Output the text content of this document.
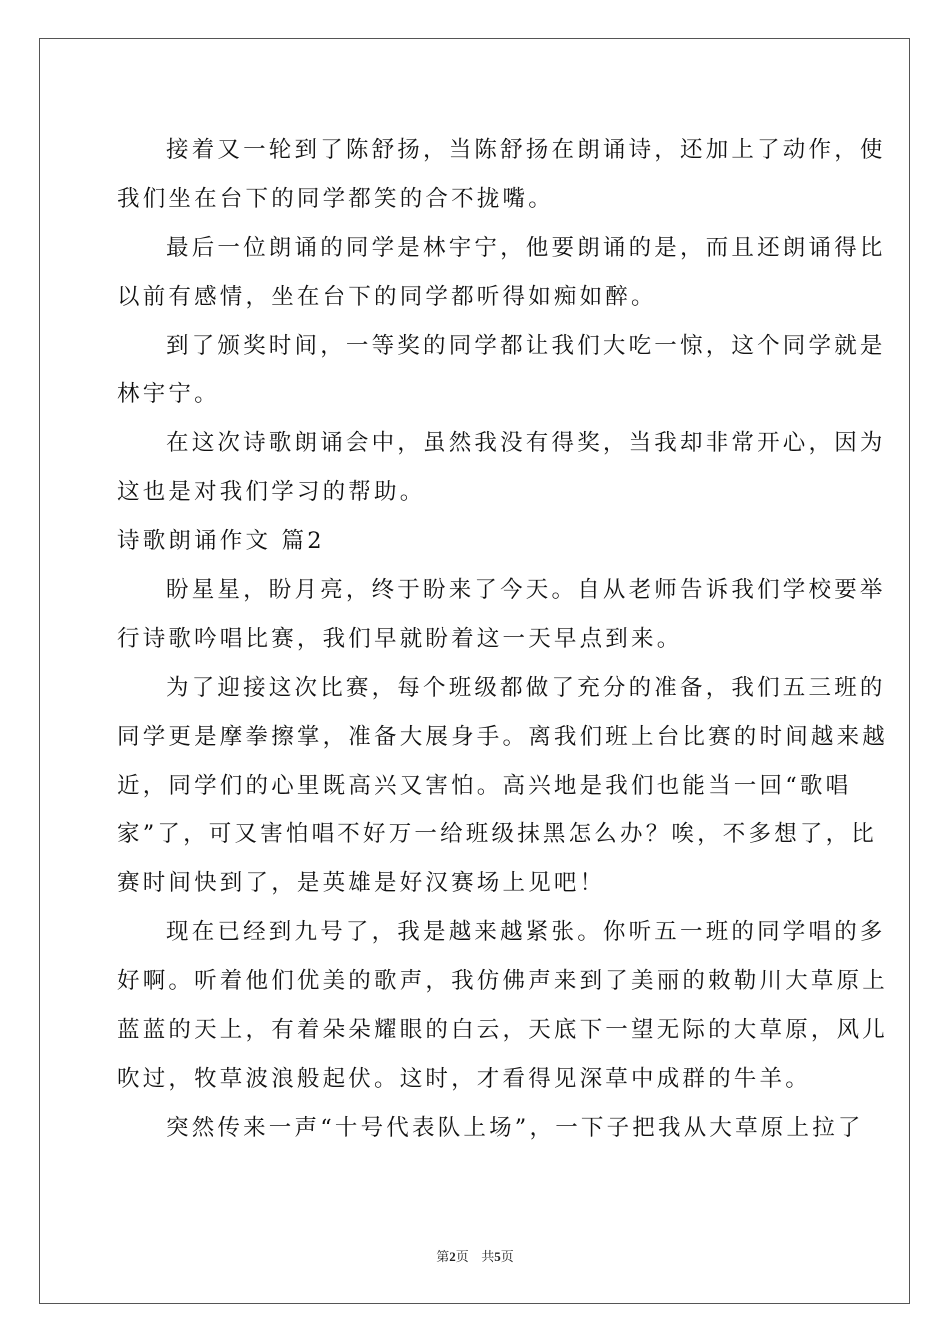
接着又一轮到了陈舒扬，当陈舒扬在朗诵诗，还加上了动作，使
我们坐在台下的同学都笑的合不拢嘴。
最后一位朗诵的同学是林宇宁，他要朗诵的是，而且还朗诵得比
以前有感情，坐在台下的同学都听得如痴如醉。
到了颁奖时间，一等奖的同学都让我们大吃一惊，这个同学就是
林宇宁。
在这次诗歌朗诵会中，虽然我没有得奖，当我却非常开心，因为
这也是对我们学习的帮助。
诗歌朗诵作文 篇2
盼星星，盼月亮，终于盼来了今天。自从老师告诉我们学校要举
行诗歌吟唱比赛，我们早就盼着这一天早点到来。
为了迎接这次比赛，每个班级都做了充分的准备，我们五三班的
同学更是摩拳擦掌，准备大展身手。离我们班上台比赛的时间越来越
近，同学们的心里既高兴又害怕。高兴地是我们也能当一回“歌唱
家”了，可又害怕唱不好万一给班级抹黑怎么办？唉，不多想了，比
赛时间快到了，是英雄是好汉赛场上见吧！
现在已经到九号了，我是越来越紧张。你听五一班的同学唱的多
好啊。听着他们优美的歌声，我仿佛声来到了美丽的敕勒川大草原上
蓝蓝的天上，有着朵朵耀眼的白云，天底下一望无际的大草原，风儿
吹过，牧草波浪般起伏。这时，才看得见深草中成群的牛羊。
突然传来一声“十号代表队上场”，一下子把我从大草原上拉了
第2页 共5页
